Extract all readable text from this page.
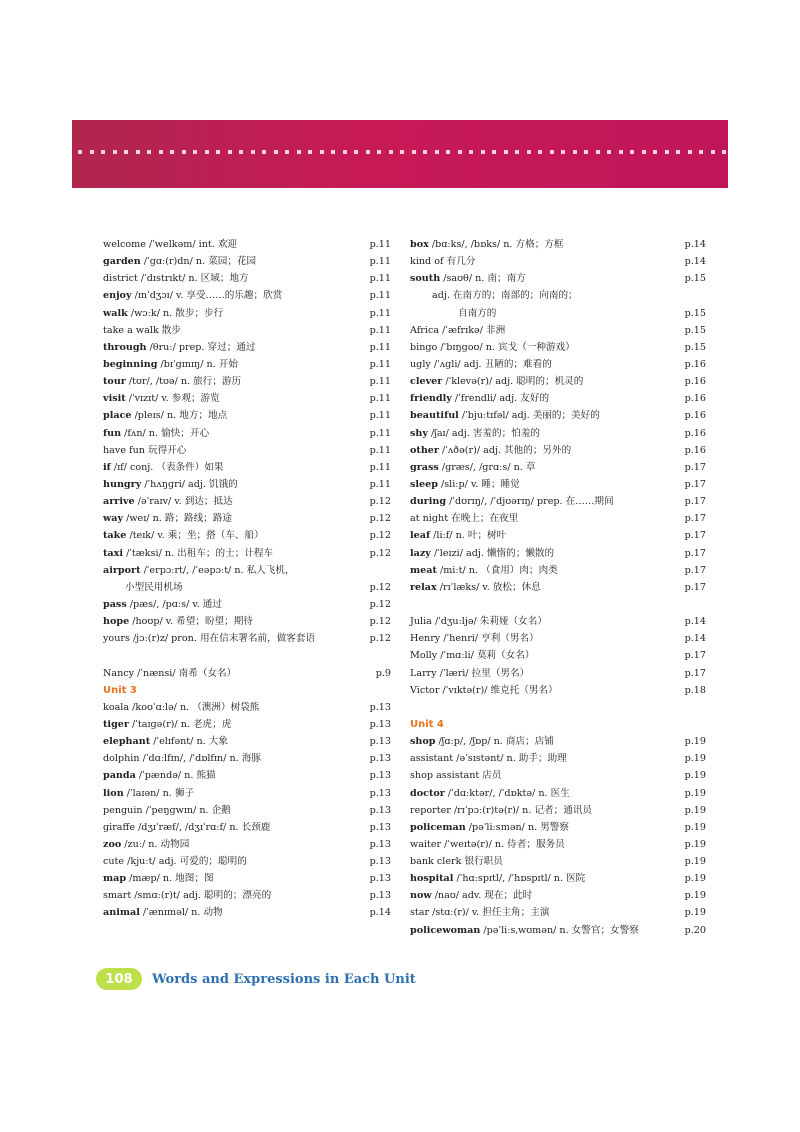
welcome /ˈwelkəm/ int. 欢迎	p.11
garden /ˈɡɑː(r)dn/ n. 菜园；花园	p.11
district /ˈdɪstrɪkt/ n. 区域；地方	p.11
enjoy /ɪnˈdʒɔɪ/ v. 享受……的乐趣；欣赏	p.11
walk /wɔːk/ n. 散步；步行	p.11
take a walk 散步	p.11
through /θruː/ prep. 穿过；通过	p.11
beginning /bɪˈɡɪnɪŋ/ n. 开始	p.11
tour /tʊr/, /tʊə/ n. 旅行；游历	p.11
visit /ˈvɪzɪt/ v. 参观；游览	p.11
place /pleɪs/ n. 地方；地点	p.11
fun /fʌn/ n. 愉快；开心	p.11
have fun 玩得开心	p.11
if /ɪf/ conj. （表条件）如果	p.11
hungry /ˈhʌŋɡri/ adj. 饥饿的	p.11
arrive /əˈraɪv/ v. 到达；抵达	p.12
way /weɪ/ n. 路；路线；路途	p.12
take /teɪk/ v. 乘；坐；搭（车、船）	p.12
taxi /ˈtæksi/ n. 出租车；的士；计程车	p.12
airport /ˈerpɔːrt/, /ˈeəpɔːt/ n. 私人飞机，
小型民用机场	p.12
pass /pæs/, /pɑːs/ v. 通过	p.12
hope /hoʊp/ v. 希望；盼望；期待	p.12
yours /jɔː(r)z/ pron. 用在信末署名前，做客套语	p.12
Nancy /ˈnænsi/ 南希（女名）	p.9
Unit 3
koala /koʊˈɑːlə/ n. （澳洲）树袋熊	p.13
tiger /ˈtaɪɡə(r)/ n. 老虎；虎	p.13
elephant /ˈelɪfənt/ n. 大象	p.13
dolphin /ˈdɑːlfɪn/, /ˈdɒlfɪn/ n. 海豚	p.13
panda /ˈpændə/ n. 熊猫	p.13
lion /ˈlaɪən/ n. 狮子	p.13
penguin /ˈpeŋɡwɪn/ n. 企鹅	p.13
giraffe /dʒɪˈræf/, /dʒɪˈrɑːf/ n. 长颈鹿	p.13
zoo /zuː/ n. 动物园	p.13
cute /kjuːt/ adj. 可爱的；聪明的	p.13
map /mæp/ n. 地图；图	p.13
smart /smɑː(r)t/ adj. 聪明的；漂亮的	p.13
animal /ˈænɪməl/ n. 动物	p.14
box /bɑːks/, /bɒks/ n. 方格；方框	p.14
kind of 有几分	p.14
south /saʊθ/ n. 南；南方	p.15
adj. 在南方的；南部的；向南的；
自南方的	p.15
Africa /ˈæfrɪkə/ 非洲	p.15
bingo /ˈbɪŋɡoʊ/ n. 宾戈（一种游戏）	p.15
ugly /ˈʌɡli/ adj. 丑陋的；难看的	p.16
clever /ˈklevə(r)/ adj. 聪明的；机灵的	p.16
friendly /ˈfrendli/ adj. 友好的	p.16
beautiful /ˈbjuːtɪfəl/ adj. 美丽的；美好的	p.16
shy /ʃaɪ/ adj. 害羞的；怕羞的	p.16
other /ˈʌðə(r)/ adj. 其他的；另外的	p.16
grass /ɡræs/, /ɡrɑːs/ n. 草	p.17
sleep /sliːp/ v. 睡；睡觉	p.17
during /ˈdʊrɪŋ/, /ˈdjʊərɪŋ/ prep. 在……期间	p.17
at night 在晚上；在夜里	p.17
leaf /liːf/ n. 叶；树叶	p.17
lazy /ˈleɪzi/ adj. 懒惰的；懒散的	p.17
meat /miːt/ n. （食用）肉；肉类	p.17
relax /rɪˈlæks/ v. 放松；休息	p.17
Julia /ˈdʒuːljə/ 朱莉娅（女名）	p.14
Henry /ˈhenri/ 亨利（男名）	p.14
Molly /ˈmɑːli/ 莫莉（女名）	p.17
Larry /ˈlæri/ 拉里（男名）	p.17
Victor /ˈvɪktə(r)/ 维克托（男名）	p.18
Unit 4
shop /ʃɑːp/, /ʃɒp/ n. 商店；店铺	p.19
assistant /əˈsɪstənt/ n. 助手；助理	p.19
shop assistant 店员	p.19
doctor /ˈdɑːktər/, /ˈdɒktə/ n. 医生	p.19
reporter /rɪˈpɔː(r)tə(r)/ n. 记者；通讯员	p.19
policeman /pəˈliːsmən/ n. 男警察	p.19
waiter /ˈweɪtə(r)/ n. 侍者；服务员	p.19
bank clerk 银行职员	p.19
hospital /ˈhɑːspɪtl/, /ˈhɒspɪtl/ n. 医院	p.19
now /naʊ/ adv. 现在；此时	p.19
star /stɑː(r)/ v. 担任主角；主演	p.19
policewoman /pəˈliːsˌwʊmən/ n. 女警官；女警察	p.20
108	Words and Expressions in Each Unit
